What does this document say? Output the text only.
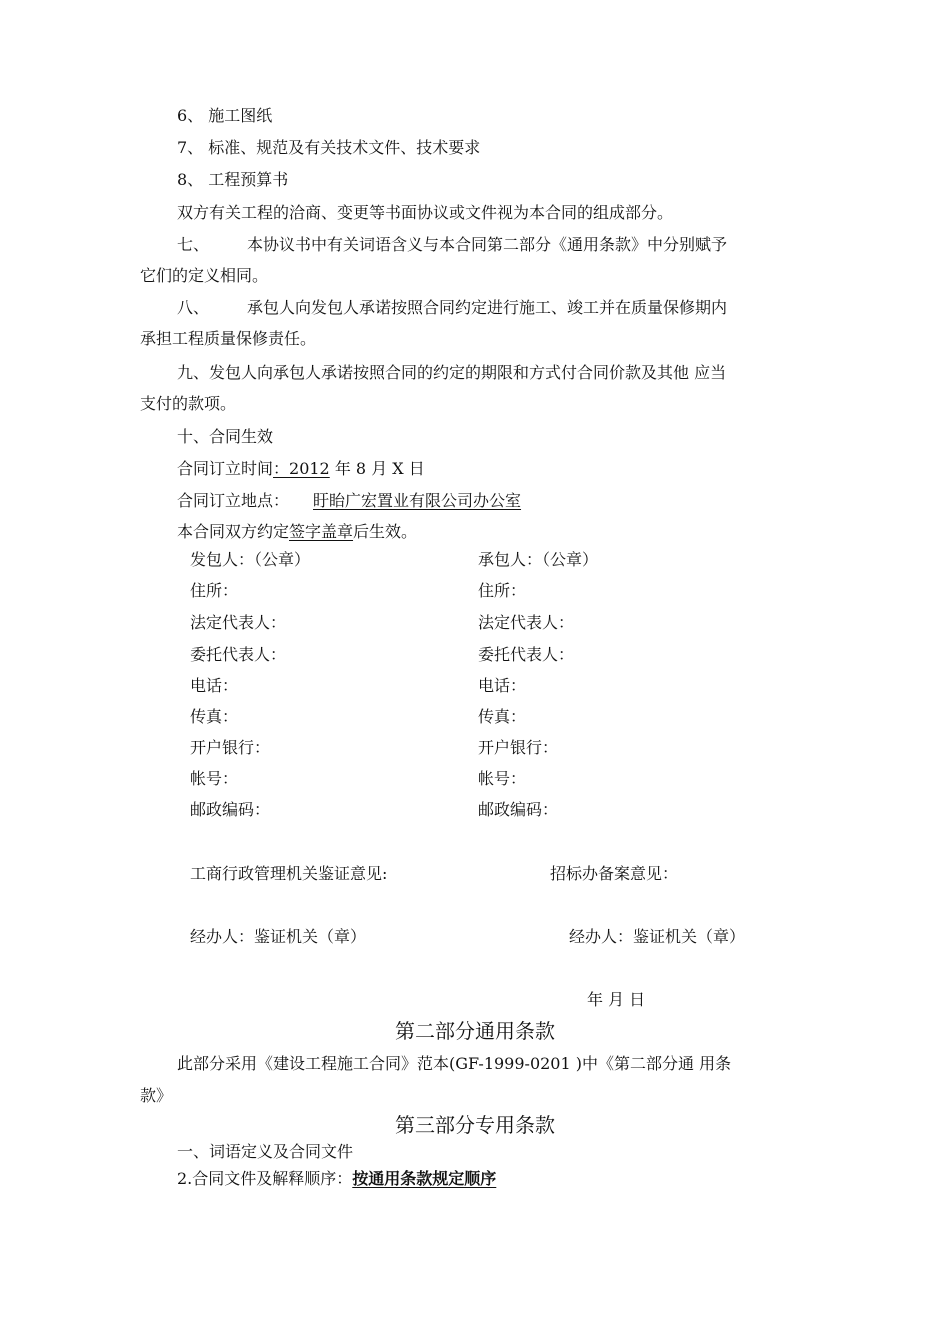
6、 施工图纸
7、 标准、规范及有关技术文件、技术要求
8、 工程预算书
双方有关工程的洽商、变更等书面协议或文件视为本合同的组成部分。
七、 本协议书中有关词语含义与本合同第二部分《通用条款》中分别赋予
它们的定义相同。
八、 承包人向发包人承诺按照合同约定进行施工、竣工并在质量保修期内
承担工程质量保修责任。
九、发包人向承包人承诺按照合同的约定的期限和方式付合同价款及其他 应当
支付的款项。
十、合同生效
合同订立时间：2012 年 8 月 X 日
合同订立地点： 盱眙广宏置业有限公司办公室
本合同双方约定签字盖章后生效。
发包人：（公章）
住所：
法定代表人：
委托代表人：
电话：
传真：
开户银行：
帐号：
邮政编码：
承包人：（公章）
住所：
法定代表人：
委托代表人：
电话：
传真：
开户银行：
帐号：
邮政编码：
工商行政管理机关鉴证意见:	招标办备案意见：
经办人：鉴证机关（章）	经办人：鉴证机关（章）
年 月 日
第二部分通用条款
此部分采用《建设工程施工合同》范本(GF-1999-0201 )中《第二部分通 用条
款》
第三部分专用条款
一、词语定义及合同文件
2.合同文件及解释顺序：按通用条款规定顺序
